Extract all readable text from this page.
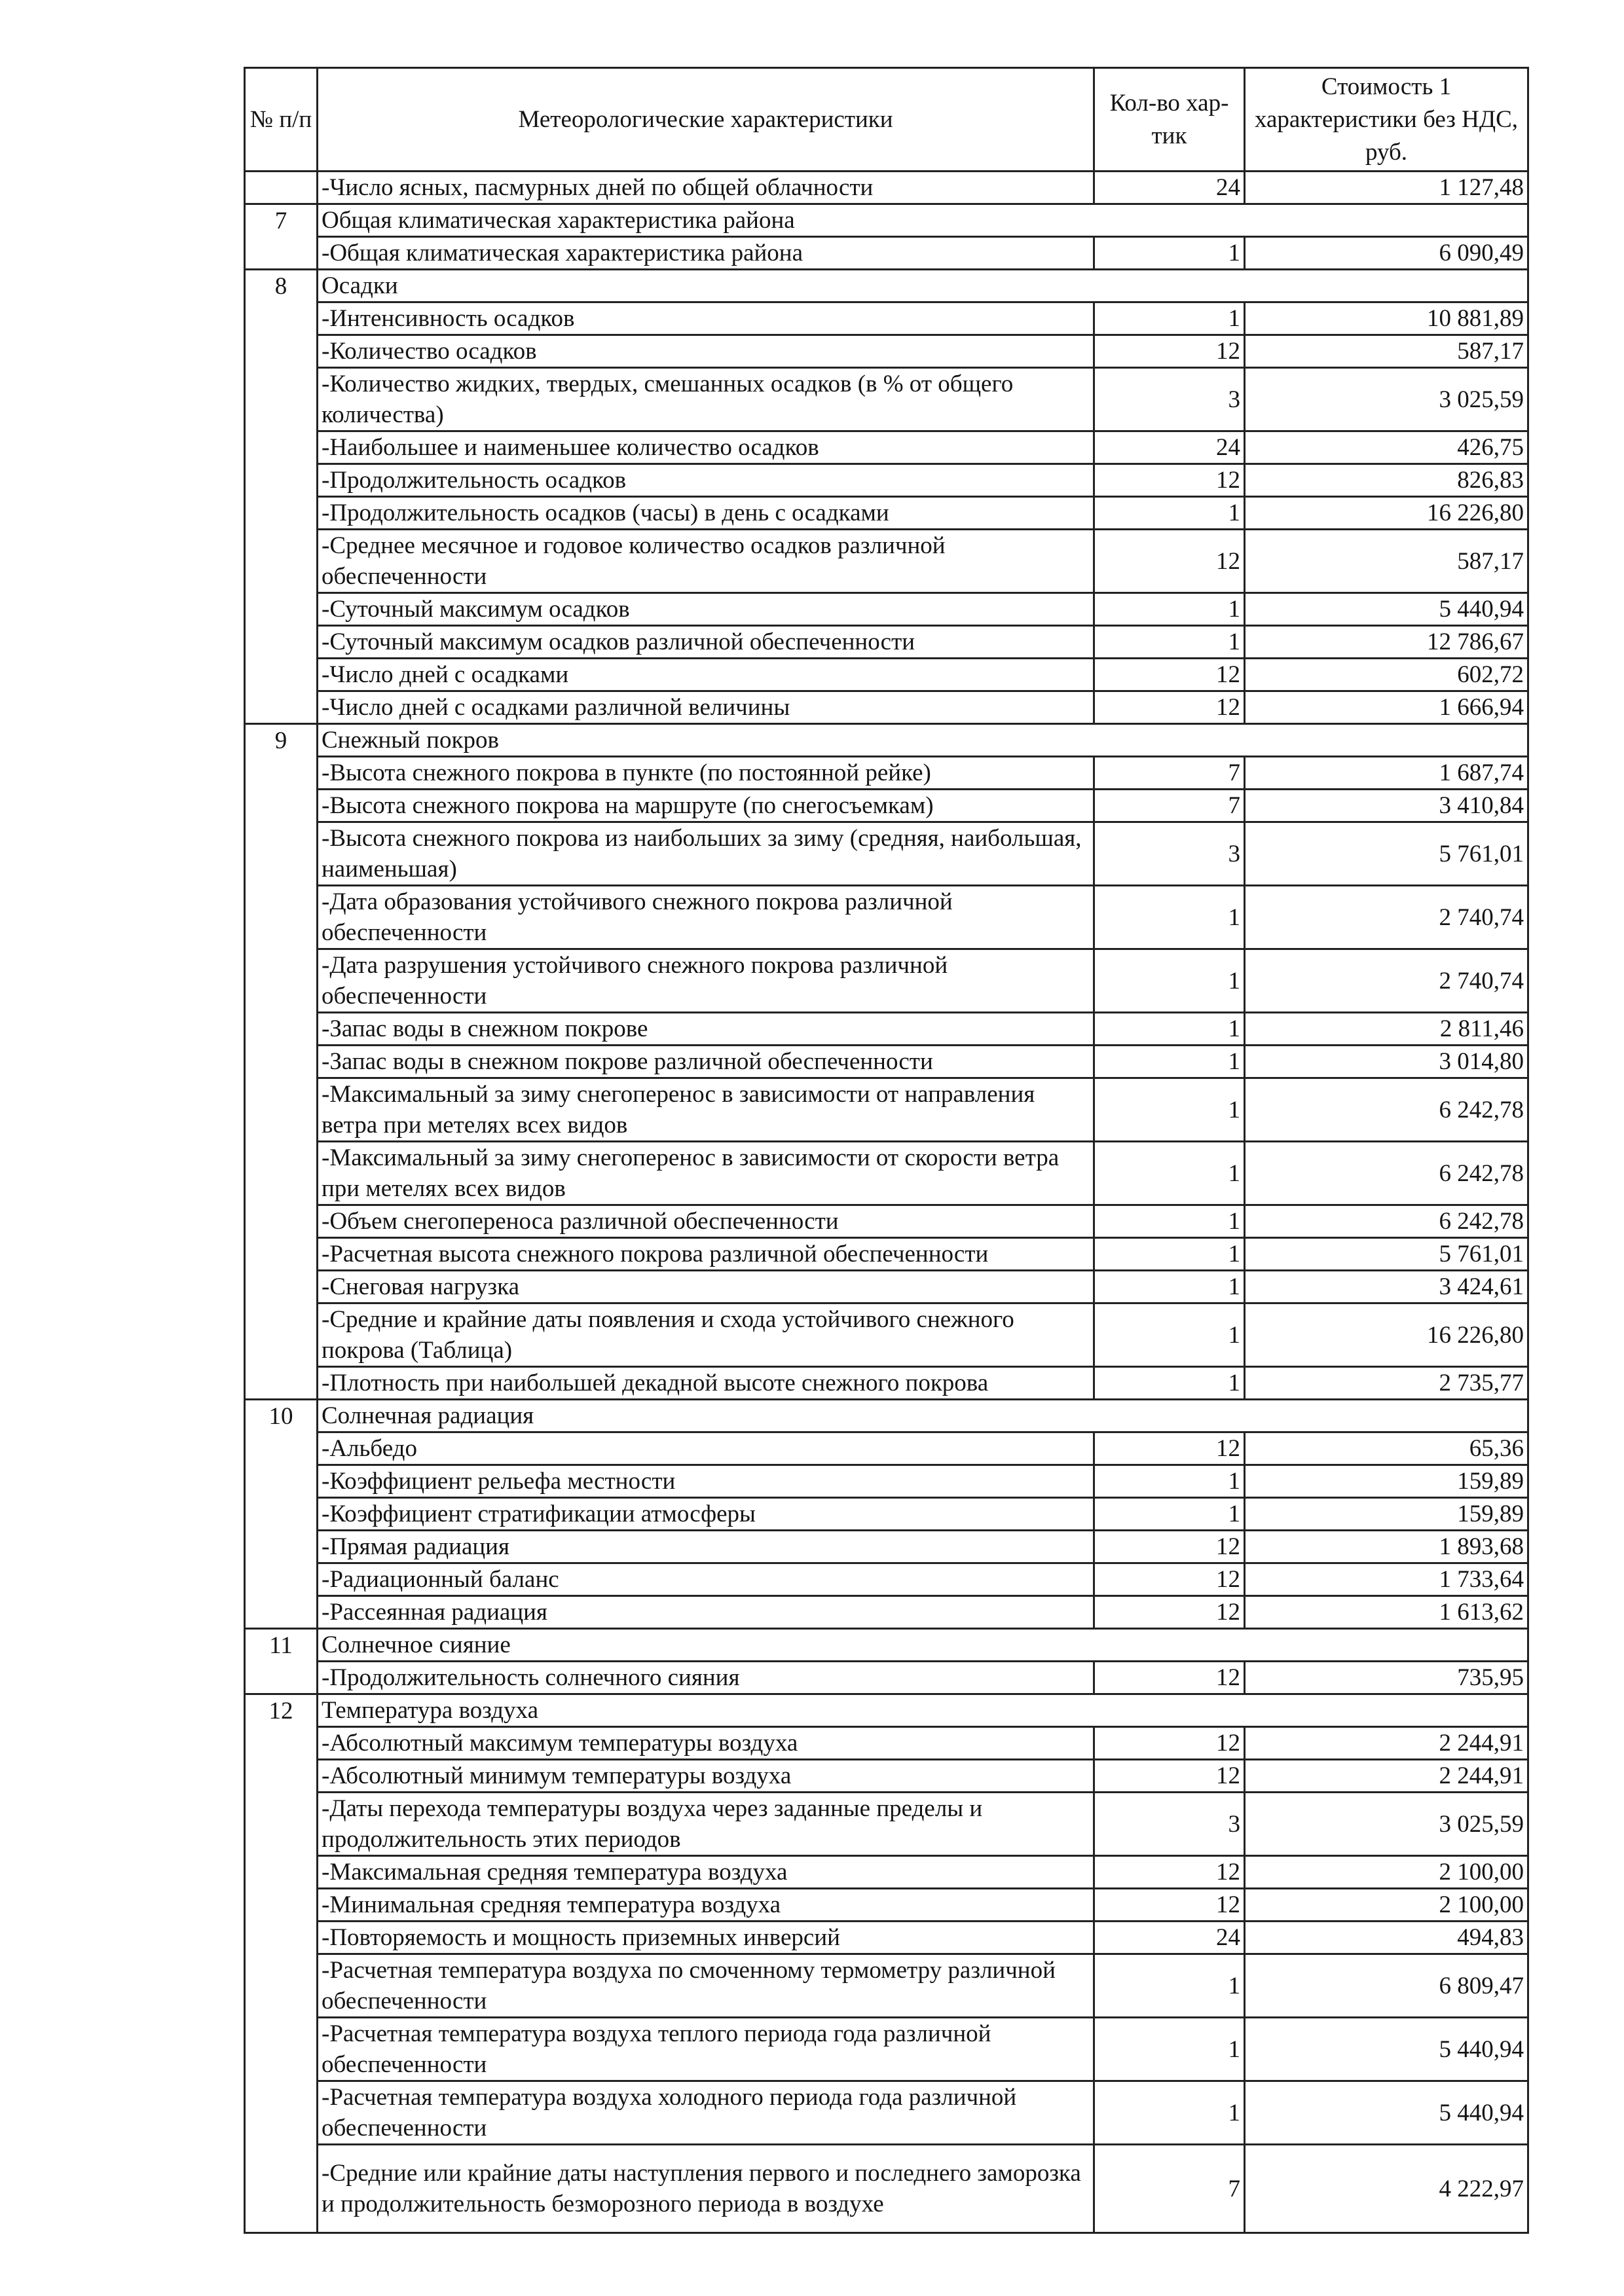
№ п/п	Метеорологические характеристики	Кол-во хар-тик	Стоимость 1 характеристики без НДС, руб.
	-Число ясных, пасмурных дней по общей облачности	24	1 127,48
7	Общая климатическая характеристика района		
	-Общая климатическая характеристика района	1	6 090,49
8	Осадки		
	-Интенсивность осадков	1	10 881,89
	-Количество осадков	12	587,17
	-Количество жидких, твердых, смешанных осадков (в % от общего количества)	3	3 025,59
	-Наибольшее и наименьшее количество осадков	24	426,75
	-Продолжительность осадков	12	826,83
	-Продолжительность осадков (часы) в день с осадками	1	16 226,80
	-Среднее месячное и годовое количество осадков различной обеспеченности	12	587,17
	-Суточный максимум осадков	1	5 440,94
	-Суточный максимум осадков различной обеспеченности	1	12 786,67
	-Число дней с осадками	12	602,72
	-Число дней с осадками различной величины	12	1 666,94
9	Снежный покров		
	-Высота снежного покрова в пункте (по постоянной рейке)	7	1 687,74
	-Высота снежного покрова на маршруте (по снегосъемкам)	7	3 410,84
	-Высота снежного покрова из наибольших за зиму (средняя, наибольшая, наименьшая)	3	5 761,01
	-Дата образования устойчивого снежного покрова различной обеспеченности	1	2 740,74
	-Дата разрушения устойчивого снежного покрова различной обеспеченности	1	2 740,74
	-Запас воды в снежном покрове	1	2 811,46
	-Запас воды в снежном покрове различной обеспеченности	1	3 014,80
	-Максимальный за зиму снегоперенос в зависимости от направления ветра при метелях всех видов	1	6 242,78
	-Максимальный за зиму снегоперенос в зависимости от скорости ветра при метелях всех видов	1	6 242,78
	-Объем снегопереноса различной обеспеченности	1	6 242,78
	-Расчетная высота снежного покрова различной обеспеченности	1	5 761,01
	-Снеговая нагрузка	1	3 424,61
	-Средние и крайние даты появления и схода устойчивого снежного покрова (Таблица)	1	16 226,80
	-Плотность при наибольшей декадной высоте снежного покрова	1	2 735,77
10	Солнечная радиация		
	-Альбедо	12	65,36
	-Коэффициент рельефа местности	1	159,89
	-Коэффициент стратификации атмосферы	1	159,89
	-Прямая радиация	12	1 893,68
	-Радиационный баланс	12	1 733,64
	-Рассеянная радиация	12	1 613,62
11	Солнечное сияние		
	-Продолжительность солнечного сияния	12	735,95
12	Температура воздуха		
	-Абсолютный максимум температуры воздуха	12	2 244,91
	-Абсолютный минимум температуры воздуха	12	2 244,91
	-Даты перехода температуры воздуха через заданные пределы и продолжительность этих периодов	3	3 025,59
	-Максимальная средняя температура воздуха	12	2 100,00
	-Минимальная средняя температура воздуха	12	2 100,00
	-Повторяемость и мощность приземных инверсий	24	494,83
	-Расчетная температура воздуха по смоченному термометру различной обеспеченности	1	6 809,47
	-Расчетная температура воздуха теплого периода года различной обеспеченности	1	5 440,94
	-Расчетная температура воздуха холодного периода года различной обеспеченности	1	5 440,94
	-Средние или крайние даты наступления первого и последнего заморозка и продолжительность безморозного периода в воздухе	7	4 222,97
